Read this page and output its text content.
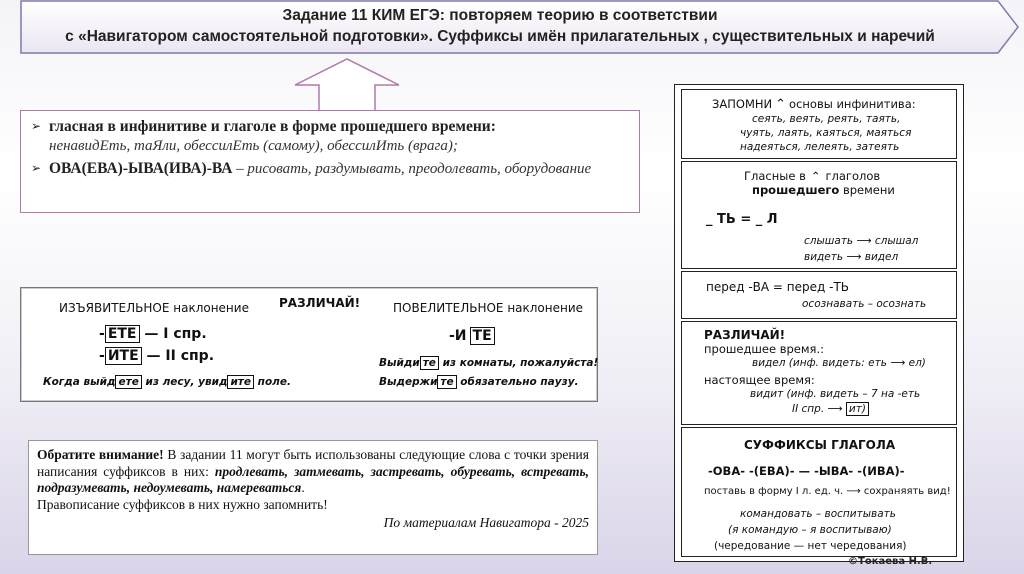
Задание 11 КИМ ЕГЭ: повторяем теорию в соответствии
с «Навигатором самостоятельной подготовки». Суффиксы имён прилагательных , существительных и наречий
➢ гласная в инфинитиве и глаголе в форме прошедшего времени:
ненавидЕть, таЯли, обессилЕть (самому), обессилИть (врага);
➢ ОВА(ЕВА)-ЫВА(ИВА)-ВА – рисовать, раздумывать, преодолевать, оборудование
ИЗЪЯВИТЕЛЬНОЕ наклонение	РАЗЛИЧАЙ!	ПОВЕЛИТЕЛЬНОЕ наклонение
- ЕТЕ — I спр.
- ИТЕ — II спр.
Когда выйд ете из лесу, увид ите поле.
-И ТЕ
Выйди те из комнаты, пожалуйста!
Выдержи те обязательно паузу.
Обратите внимание! В задании 11 могут быть использованы следующие слова с точки зрения написания суффиксов в них: продлевать, затмевать, застревать, обуревать, встревать, подразумевать, недоумевать, намереваться.
Правописание суффиксов в них нужно запомнить!
По материалам Навигатора - 2025
ЗАПОМНИ ⌃ основы инфинитива:
сеять, веять, реять, таять,
чуять, лаять, каяться, маяться
надеяться, лелеять, затеять
Гласные в ⌃ глаголов
прошедшего времени
_ ТЬ = _ Л
слышать ⟶ слышал
видеть ⟶ видел
перед -ВА = перед -ТЬ
осознавать – осознать
РАЗЛИЧАЙ!
прошедшее время.:
видел (инф. видеть: еть ⟶ ел)
настоящее время:
видит (инф. видеть – 7 на -еть
II спр. ⟶ ит)
СУФФИКСЫ ГЛАГОЛА
-ОВА- -(ЕВА)- — -ЫВА- -(ИВА)-
поставь в форму I л. ед. ч. ⟶ сохраняять вид!
командовать – воспитывать
(я командую – я воспитываю)
(чередование — нет чередования)
©Токаева Н.В.
